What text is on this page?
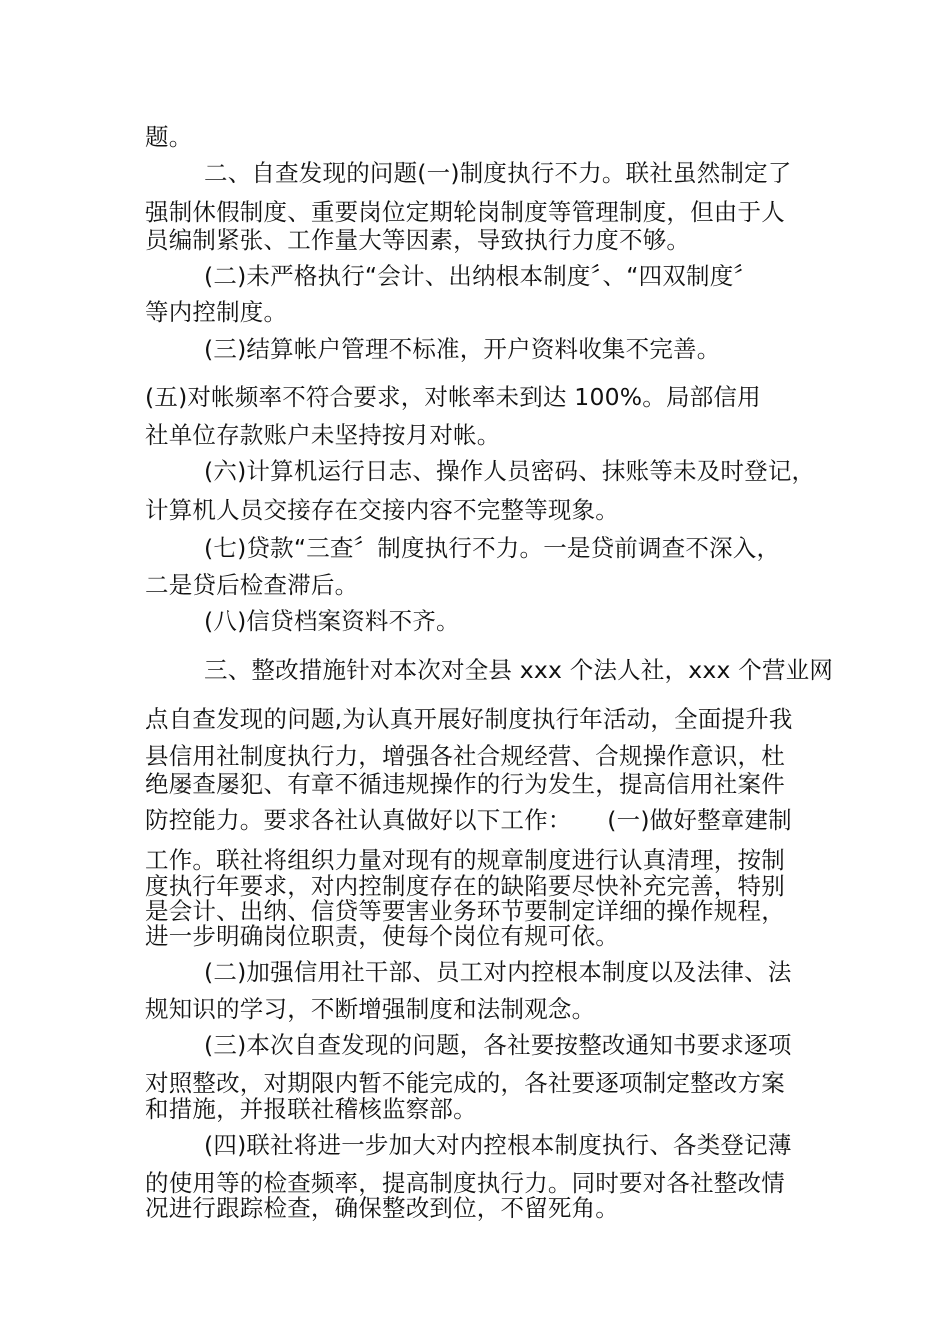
题。
二、自查发现的问题(一)制度执行不力。联社虽然制定了
强制休假制度、重要岗位定期轮岗制度等管理制度，但由于人
员编制紧张、工作量大等因素，导致执行力度不够。
(二)未严格执行“会计、出纳根本制度〞、“四双制度〞
等内控制度。
(三)结算帐户管理不标准，开户资料收集不完善。
(五)对帐频率不符合要求，对帐率未到达 100%。局部信用
社单位存款账户未坚持按月对帐。
(六)计算机运行日志、操作人员密码、抹账等未及时登记，
计算机人员交接存在交接内容不完整等现象。
(七)贷款“三查〞制度执行不力。一是贷前调查不深入，
二是贷后检查滞后。
(八)信贷档案资料不齐。
三、整改措施针对本次对全县 xxx 个法人社，xxx 个营业网
点自查发现的问题,为认真开展好制度执行年活动，全面提升我
县信用社制度执行力，增强各社合规经营、合规操作意识，杜
绝屡查屡犯、有章不循违规操作的行为发生，提高信用社案件
防控能力。要求各社认真做好以下工作：　　(一)做好整章建制
工作。联社将组织力量对现有的规章制度进行认真清理，按制
度执行年要求，对内控制度存在的缺陷要尽快补充完善，特别
是会计、出纳、信贷等要害业务环节要制定详细的操作规程，
进一步明确岗位职责，使每个岗位有规可依。
(二)加强信用社干部、员工对内控根本制度以及法律、法
规知识的学习，不断增强制度和法制观念。
(三)本次自查发现的问题，各社要按整改通知书要求逐项
对照整改，对期限内暂不能完成的，各社要逐项制定整改方案
和措施，并报联社稽核监察部。
(四)联社将进一步加大对内控根本制度执行、各类登记薄
的使用等的检查频率，提高制度执行力。同时要对各社整改情
况进行跟踪检查，确保整改到位，不留死角。
